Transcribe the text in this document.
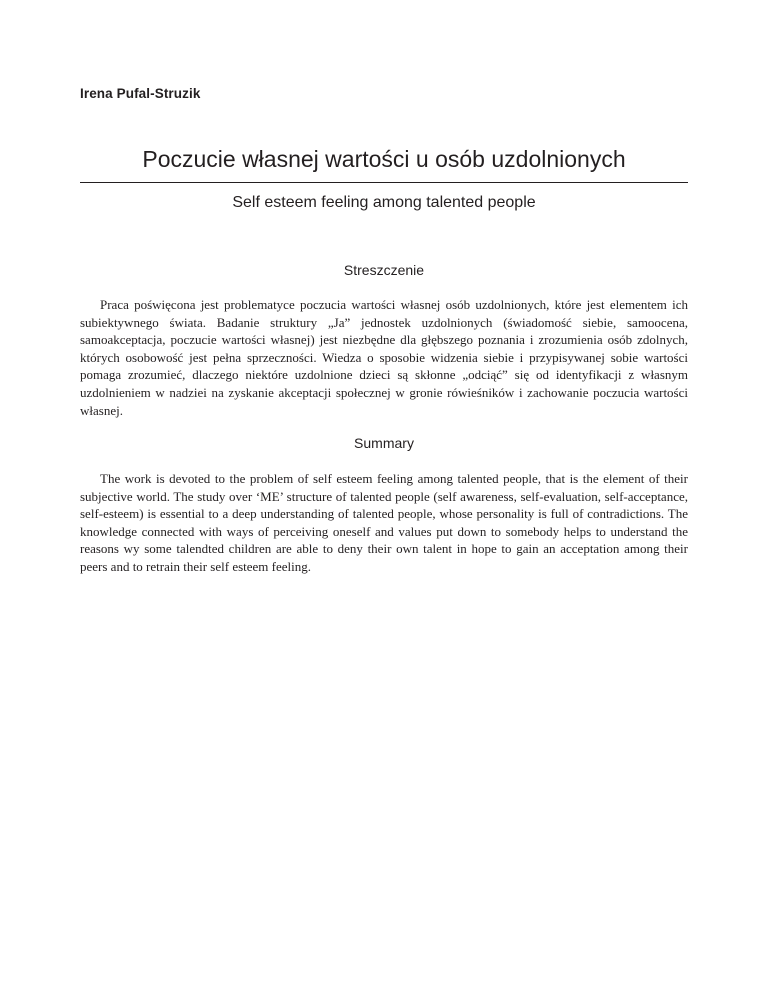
Irena Pufal-Struzik
Poczucie własnej wartości u osób uzdolnionych
Self esteem feeling among talented people
Streszczenie

Praca poświęcona jest problematyce poczucia wartości własnej osób uzdolnionych, które jest elementem ich subiektywnego świata. Badanie struktury „Ja” jednostek uzdolnionych (świadomość siebie, samoocena, samoakceptacja, poczucie wartości własnej) jest niezbędne dla głębszego poznania i zrozumienia osób zdolnych, których osobowość jest pełna sprzeczności. Wiedza o sposobie widzenia siebie i przypisywanej sobie wartości pomaga zrozumieć, dlaczego niektóre uzdolnione dzieci są skłonne „odciąć” się od identyfikacji z własnym uzdolnieniem w nadziei na zyskanie akceptacji społecznej w gronie rówieśników i zachowanie poczucia wartości własnej.

Summary

The work is devoted to the problem of self esteem feeling among talented people, that is the element of their subjective world. The study over ‘ME’ structure of talented people (self awareness, self-evaluation, self-acceptance, self-esteem) is essential to a deep understanding of talented people, whose personality is full of contradictions. The knowledge connected with ways of perceiving oneself and values put down to somebody helps to understand the reasons wy some talendted children are able to deny their own talent in hope to gain an acceptation among their peers and to retrain their self esteem feeling.
